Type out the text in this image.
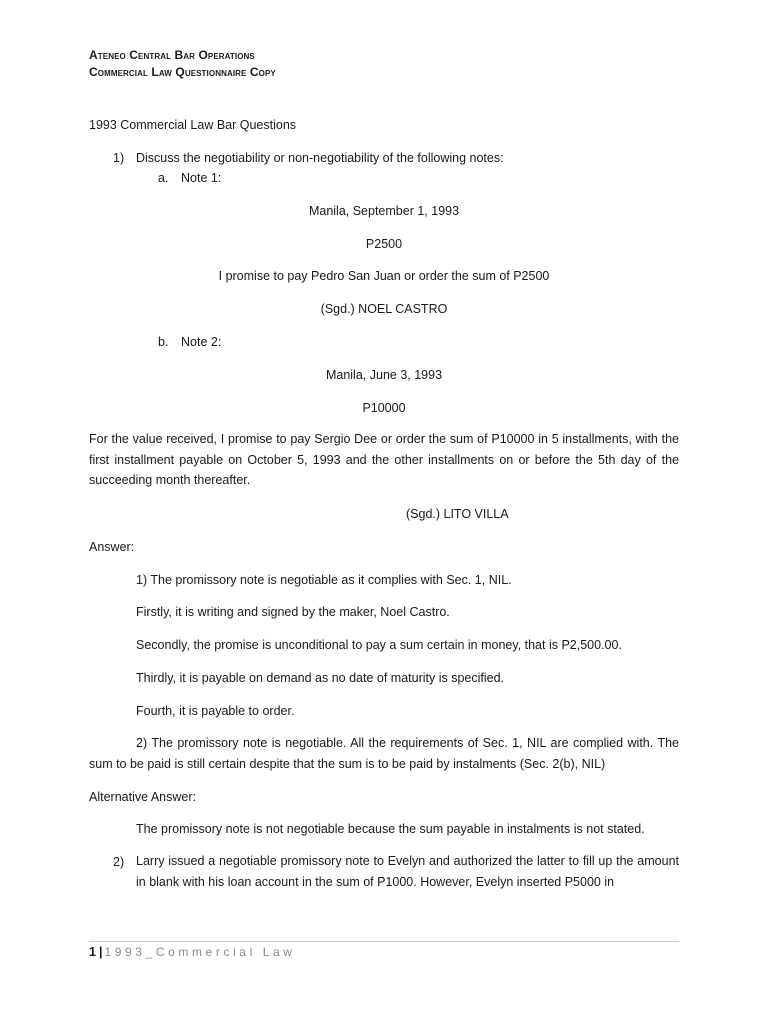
Ateneo Central Bar Operations
Commercial Law Questionnaire Copy
1993 Commercial Law Bar Questions
1) Discuss the negotiability or non-negotiability of the following notes:
a. Note 1:
Manila, September 1, 1993
P2500
I promise to pay Pedro San Juan or order the sum of P2500
(Sgd.) NOEL CASTRO
b. Note 2:
Manila, June 3, 1993
P10000
For the value received, I promise to pay Sergio Dee or order the sum of P10000 in 5 installments, with the first installment payable on October 5, 1993 and the other installments on or before the 5th day of the succeeding month thereafter.
(Sgd.) LITO VILLA
Answer:
1) The promissory note is negotiable as it complies with Sec. 1, NIL.
Firstly, it is writing and signed by the maker, Noel Castro.
Secondly, the promise is unconditional to pay a sum certain in money, that is P2,500.00.
Thirdly, it is payable on demand as no date of maturity is specified.
Fourth, it is payable to order.
2) The promissory note is negotiable. All the requirements of Sec. 1, NIL are complied with. The sum to be paid is still certain despite that the sum is to be paid by instalments (Sec. 2(b), NIL)
Alternative Answer:
The promissory note is not negotiable because the sum payable in instalments is not stated.
2) Larry issued a negotiable promissory note to Evelyn and authorized the latter to fill up the amount in blank with his loan account in the sum of P1000. However, Evelyn inserted P5000 in
1 | 1993_Commercial Law
